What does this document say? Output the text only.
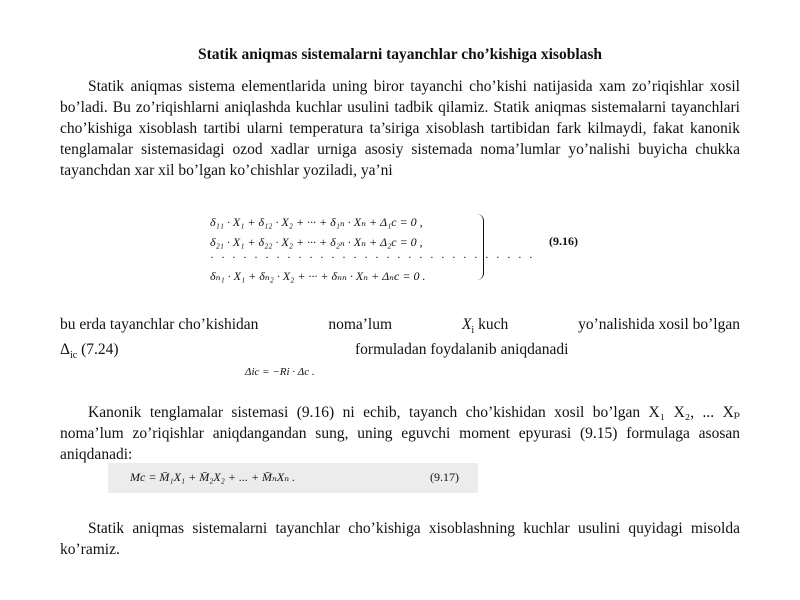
Statik aniqmas sistemalarni tayanchlar cho’kishiga xisoblash
Statik aniqmas sistema elementlarida uning biror tayanchi cho’kishi natijasida xam zo’riqishlar xosil bo’ladi. Bu zo’riqishlarni aniqlashda kuchlar usulini tadbik qilamiz. Statik aniqmas sistemalarni tayanchlari cho’kishiga xisoblash tartibi ularni temperatura ta’siriga xisoblash tartibidan fark kilmaydi, fakat kanonik tenglamalar sistemasidagi ozod xadlar urniga asosiy sistemada noma’lumlar yo’nalishi buyicha chukka tayanchdan xar xil bo’lgan ko’chishlar yoziladi, ya’ni
δ₁₁ · X₁ + δ₁₂ · X₂ + ··· + δ₁ₙ · Xₙ + Δ₁c = 0 ,
δ₂₁ · X₁ + δ₂₂ · X₂ + ··· + δ₂ₙ · Xₙ + Δ₂c = 0 ,
· · · · · · · · · · · · · · · · · · · · · · · · · · · · · ·
δₙ₁ · X₁ + δₙ₂ · X₂ + ··· + δₙₙ · Xₙ + Δₙc = 0 .
(9.16)
bu erda tayanchlar cho’kishidan	noma’lum	$X_i$ kuch	yo’nalishida xosil bo’lgan
$\Delta_{ic}$ (7.24)	formuladan foydalanib aniqdanadi
Δic = −Ri · Δc .
Kanonik tenglamalar sistemasi (9.16) ni echib, tayanch cho’kishidan xosil bo’lgan X₁ X₂, ... Xₚ noma’lum zo’riqishlar aniqdangandan sung, uning eguvchi moment epyurasi (9.15) formulaga asosan aniqdanadi:
Mc = M̄₁X₁ + M̄₂X₂ + ... + M̄ₙXₙ .	(9.17)
Statik aniqmas sistemalarni tayanchlar cho’kishiga xisoblashning kuchlar usulini quyidagi misolda ko’ramiz.
